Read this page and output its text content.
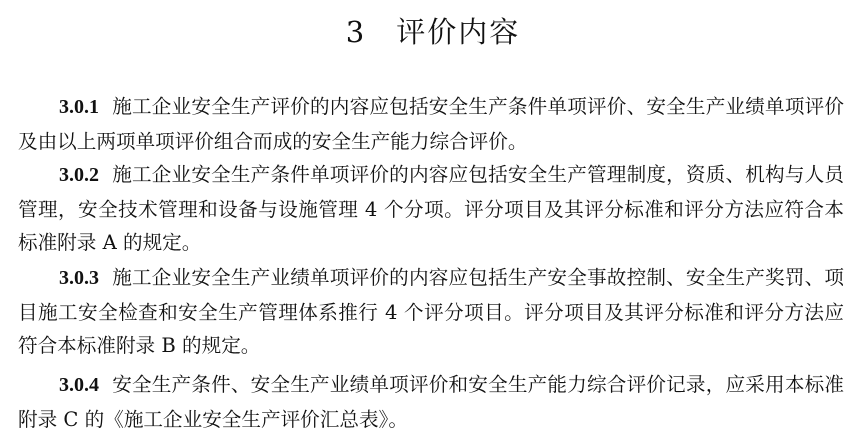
3 评价内容

3.0.1 施工企业安全生产评价的内容应包括安全生产条件单项评价、安全生产业绩单项评价及由以上两项单项评价组合而成的安全生产能力综合评价。

3.0.2 施工企业安全生产条件单项评价的内容应包括安全生产管理制度，资质、机构与人员管理，安全技术管理和设备与设施管理 4 个分项。评分项目及其评分标准和评分方法应符合本标准附录 A 的规定。

3.0.3 施工企业安全生产业绩单项评价的内容应包括生产安全事故控制、安全生产奖罚、项目施工安全检查和安全生产管理体系推行 4 个评分项目。评分项目及其评分标准和评分方法应符合本标准附录 B 的规定。

3.0.4 安全生产条件、安全生产业绩单项评价和安全生产能力综合评价记录，应采用本标准附录 C 的《施工企业安全生产评价汇总表》。
